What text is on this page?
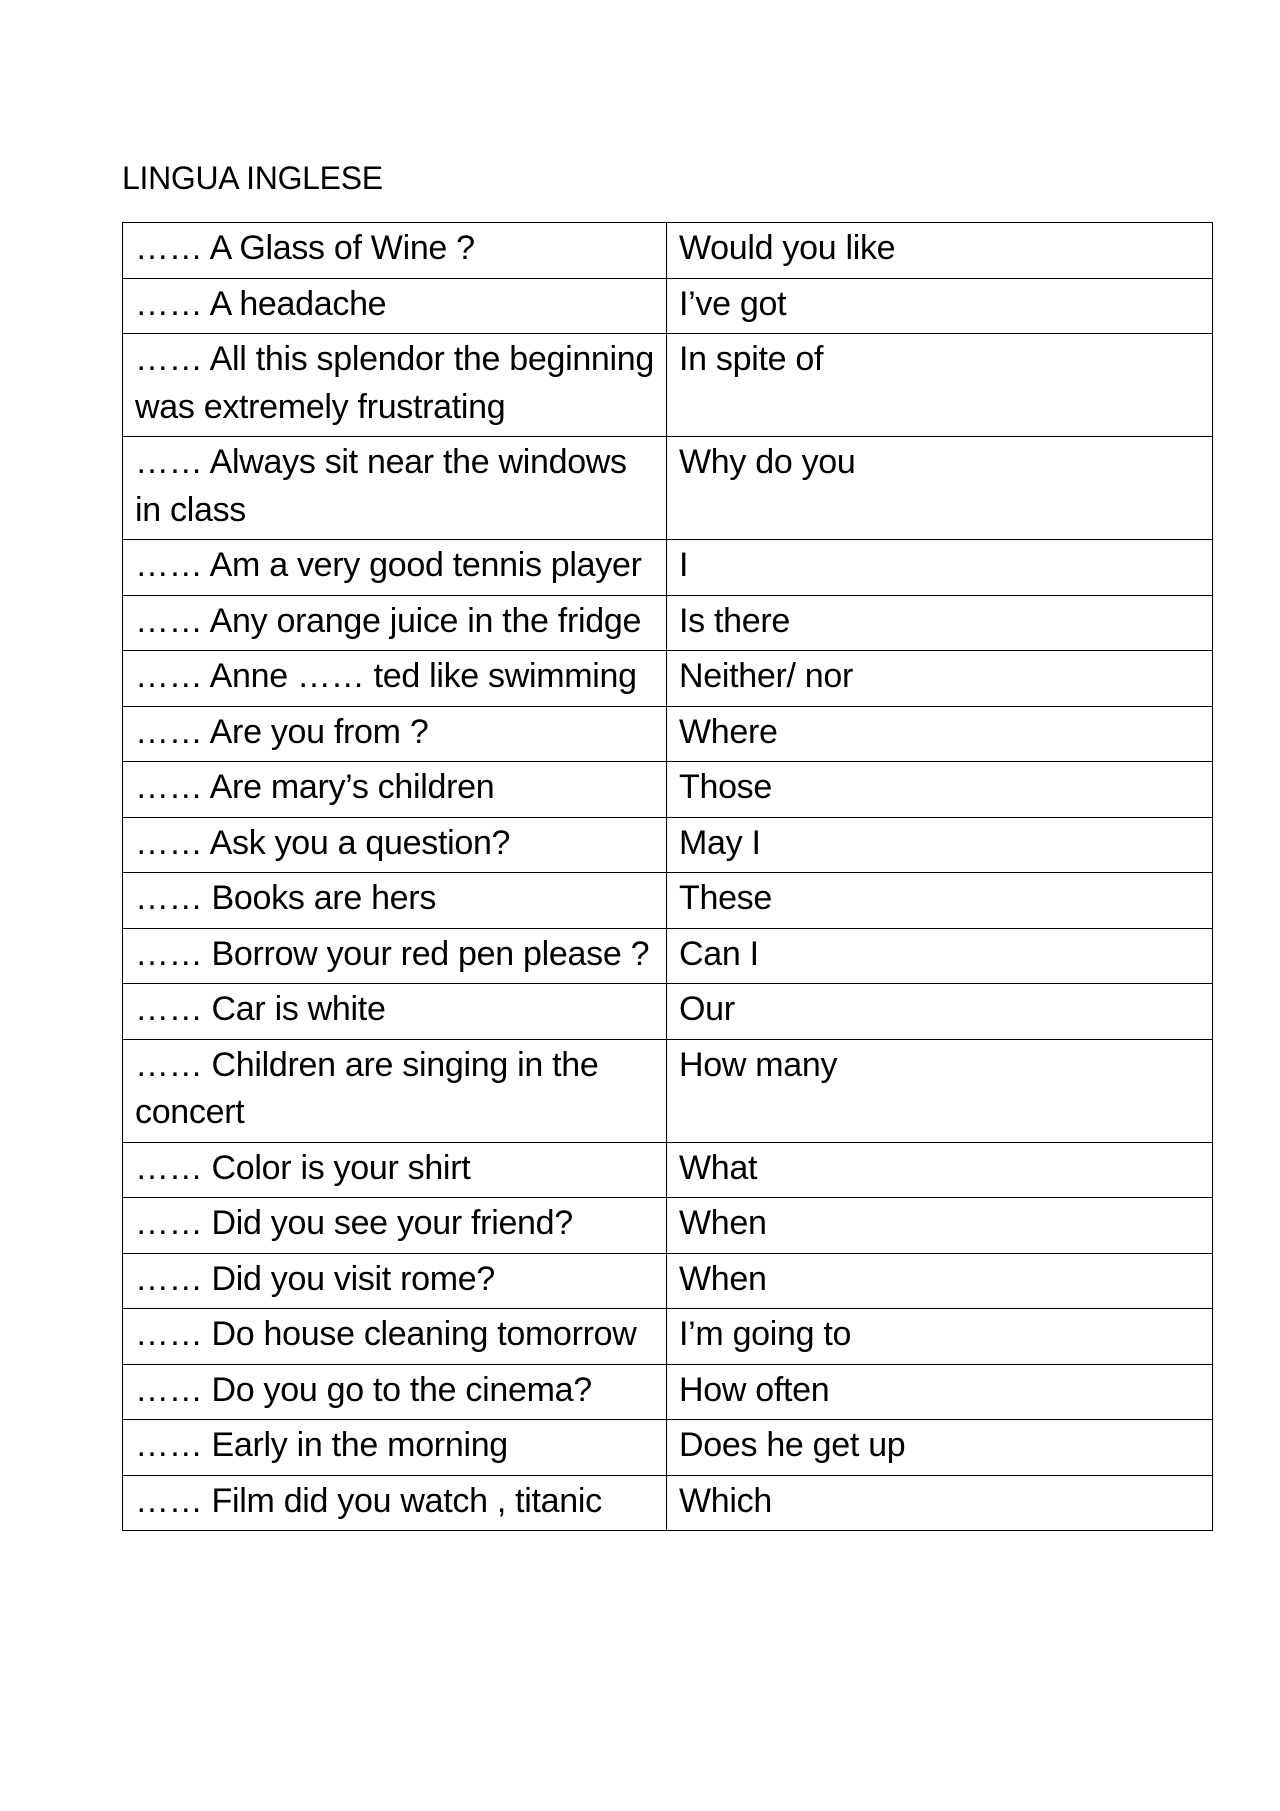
LINGUA INGLESE
…… A Glass of Wine ?	Would you like
…… A headache	I’ve got
…… All this splendor the beginning was extremely frustrating	In spite of
…… Always sit near the windows in class	Why do you
…… Am a very good tennis player	I
…… Any orange juice in the fridge	Is there
…… Anne …… ted like swimming	Neither/ nor
…… Are you from ?	Where
…… Are mary’s children	Those
…… Ask you a question?	May I
…… Books are hers	These
…… Borrow your red pen please ?	Can I
…… Car is white	Our
…… Children are singing in the concert	How many
…… Color is your shirt	What
…… Did you see your friend?	When
…… Did you visit rome?	When
…… Do house cleaning tomorrow	I’m going to
…… Do you go to the cinema?	How often
…… Early in the morning	Does he get up
…… Film did you watch , titanic	Which
